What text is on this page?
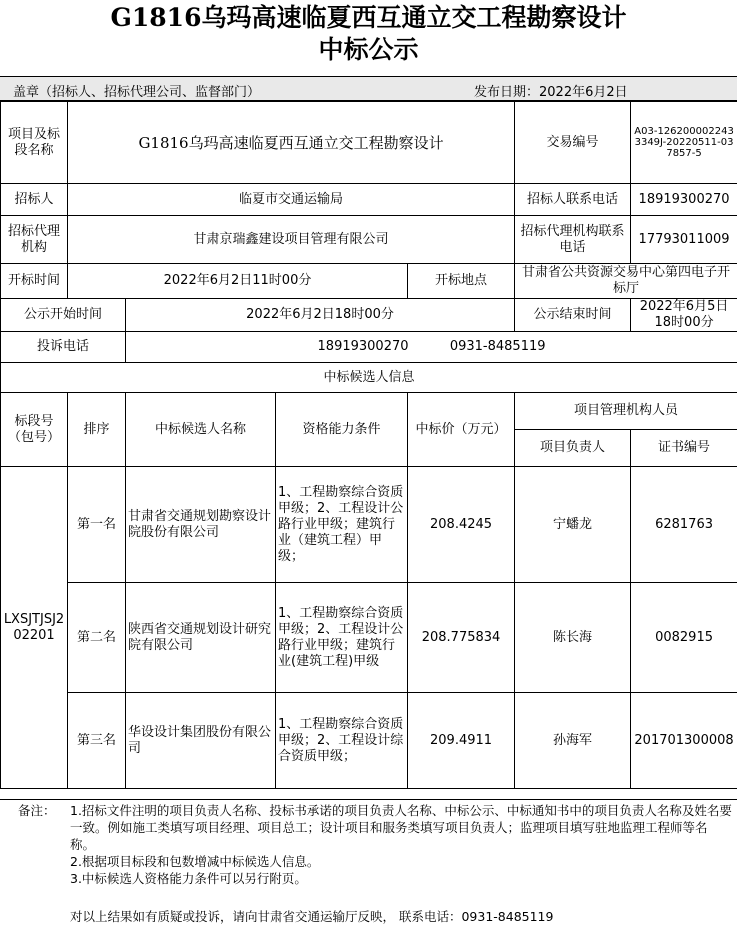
G1816乌玛高速临夏西互通立交工程勘察设计
中标公示
盖章（招标人、招标代理公司、监督部门）	发布日期：2022年6月2日
项目及标段名称	G1816乌玛高速临夏西互通立交工程勘察设计				交易编号	A03-1262000022433349J-20220511-037857-5
招标人	临夏市交通运输局				招标人联系电话	18919300270
招标代理机构	甘肃京瑞鑫建设项目管理有限公司				招标代理机构联系电话	17793011009
开标时间	2022年6月2日11时00分			开标地点	甘肃省公共资源交易中心第四电子开标厅	
公示开始时间		2022年6月2日18时00分			公示结束时间	2022年6月5日18时00分
投诉电话		18919300270          0931-8485119				
中标候选人信息						
标段号（包号）	排序	中标候选人名称	资格能力条件	中标价（万元）	项目管理机构人员	
					项目负责人	证书编号
LXSJTJSJ202201	第一名	甘肃省交通规划勘察设计院股份有限公司	1、工程勘察综合资质甲级；2、工程设计公路行业甲级；建筑行业（建筑工程）甲级；	208.4245	宁蟠龙	6281763
	第二名	陕西省交通规划设计研究院有限公司	1、工程勘察综合资质甲级；2、工程设计公路行业甲级；建筑行业(建筑工程)甲级	208.775834	陈长海	0082915
	第三名	华设设计集团股份有限公司	1、工程勘察综合资质甲级；2、工程设计综合资质甲级；	209.4911	孙海军	201701300008
备注： 1.招标文件注明的项目负责人名称、投标书承诺的项目负责人名称、中标公示、中标通知书中的项目负责人名称及姓名要一致。例如施工类填写项目经理、项目总工；设计项目和服务类填写项目负责人；监理项目填写驻地监理工程师等名称。
2.根据项目标段和包数增减中标候选人信息。
3.中标候选人资格能力条件可以另行附页。
对以上结果如有质疑或投诉，请向甘肃省交通运输厅反映， 联系电话：0931-8485119
